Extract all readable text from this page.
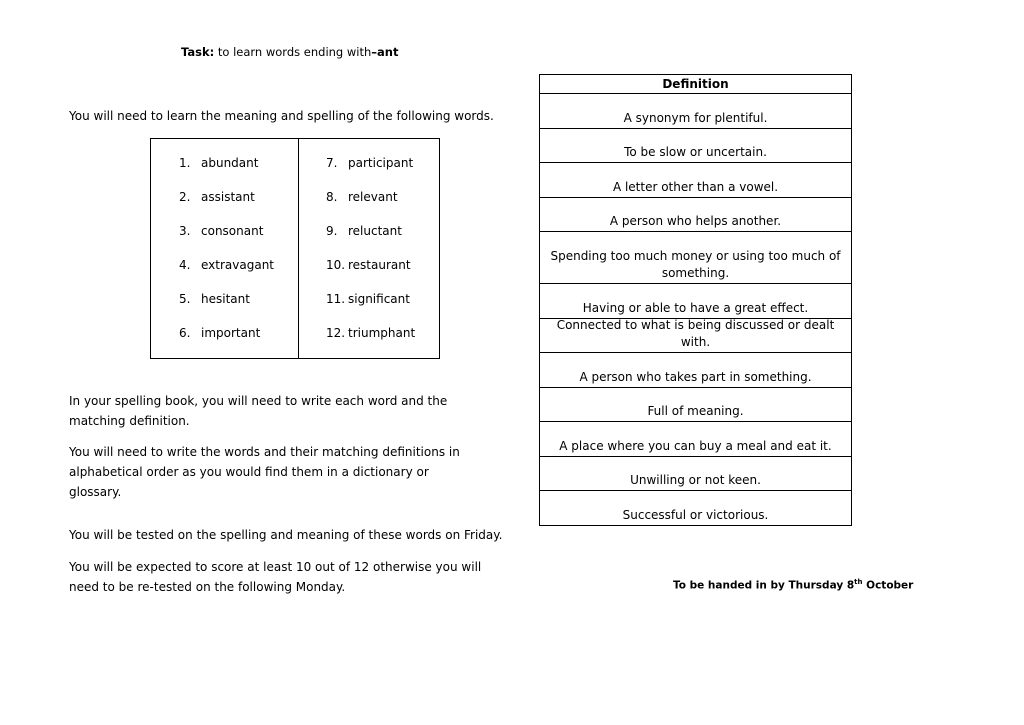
Task: to learn words ending with–ant
You will need to learn the meaning and spelling of the following words.
1. abundant
2. assistant
3. consonant
4. extravagant
5. hesitant
6. important
7. participant
8. relevant
9. reluctant
10. restaurant
11. significant
12. triumphant
In your spelling book, you will need to write each word and the matching definition.
You will need to write the words and their matching definitions in alphabetical order as you would find them in a dictionary or glossary.
You will be tested on the spelling and meaning of these words on Friday.
You will be expected to score at least 10 out of 12 otherwise you will need to be re-tested on the following Monday.
Definition
A synonym for plentiful.
To be slow or uncertain.
A letter other than a vowel.
A person who helps another.
Spending too much money or using too much of something.
Having or able to have a great effect.
Connected to what is being discussed or dealt with.
A person who takes part in something.
Full of meaning.
A place where you can buy a meal and eat it.
Unwilling or not keen.
Successful or victorious.
To be handed in by Thursday 8th October
